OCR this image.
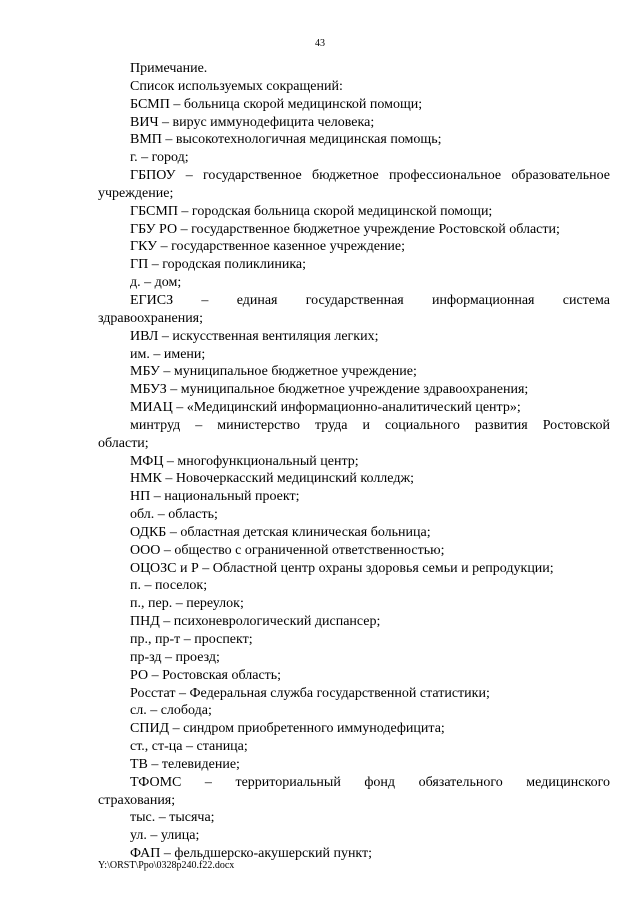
43

Примечание.

Список используемых сокращений:

БСМП – больница скорой медицинской помощи;

ВИЧ – вирус иммунодефицита человека;

ВМП – высокотехнологичная медицинская помощь;

г. – город;

ГБПОУ – государственное бюджетное профессиональное образовательное

учреждение;

ГБСМП – городская больница скорой медицинской помощи;

ГБУ РО – государственное бюджетное учреждение Ростовской области;

ГКУ – государственное казенное учреждение;

ГП – городская поликлиника;

д. – дом;

ЕГИСЗ – единая государственная информационная система

здравоохранения;

ИВЛ – искусственная вентиляция легких;

им. – имени;

МБУ – муниципальное бюджетное учреждение;

МБУЗ – муниципальное бюджетное учреждение здравоохранения;

МИАЦ – «Медицинский информационно-аналитический центр»;

минтруд – министерство труда и социального развития Ростовской

области;

МФЦ – многофункциональный центр;

НМК – Новочеркасский медицинский колледж;

НП – национальный проект;

обл. – область;

ОДКБ – областная детская клиническая больница;

ООО – общество с ограниченной ответственностью;

ОЦОЗС и Р – Областной центр охраны здоровья семьи и репродукции;

п. – поселок;

п., пер. – переулок;

ПНД – психоневрологический диспансер;

пр., пр-т – проспект;

пр-зд – проезд;

РО – Ростовская область;

Росстат – Федеральная служба государственной статистики;

сл. – слобода;

СПИД – синдром приобретенного иммунодефицита;

ст., ст-ца – станица;

ТВ – телевидение;

ТФОМС – территориальный фонд обязательного медицинского

страхования;

тыс. – тысяча;

ул. – улица;

ФАП – фельдшерско-акушерский пункт;

Y:\ORST\Ppo\0328p240.f22.docx
